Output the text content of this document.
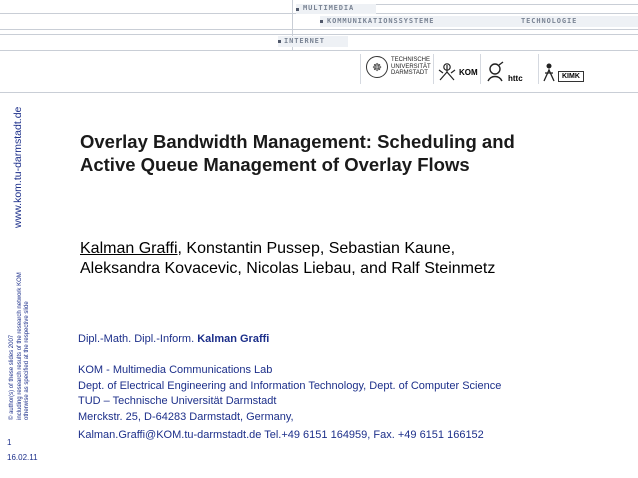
MULTIMEDIA
KOMMUNIKATIONSSYSTEME	TECHNOLOGIE
INTERNET
☸
TECHNISCHE UNIVERSITÄT DARMSTADT	KOM
httc	KIMK
www.kom.tu-darmstadt.de
© author(s) of these slides 2007 including research results of the research network KOM otherwise as specified at the respective slide
1
16.02.11
Overlay Bandwidth Management: Scheduling and
Active Queue Management of Overlay Flows
Kalman Graffi, Konstantin Pussep, Sebastian Kaune,
Aleksandra Kovacevic, Nicolas Liebau, and Ralf Steinmetz
Dipl.-Math. Dipl.-Inform. Kalman Graffi
KOM - Multimedia Communications Lab
Dept. of Electrical Engineering and Information Technology, Dept. of Computer Science
TUD – Technische Universität Darmstadt
Merckstr. 25, D-64283 Darmstadt, Germany,
Kalman.Graffi@KOM.tu-darmstadt.de Tel.+49 6151 164959, Fax. +49 6151 166152
